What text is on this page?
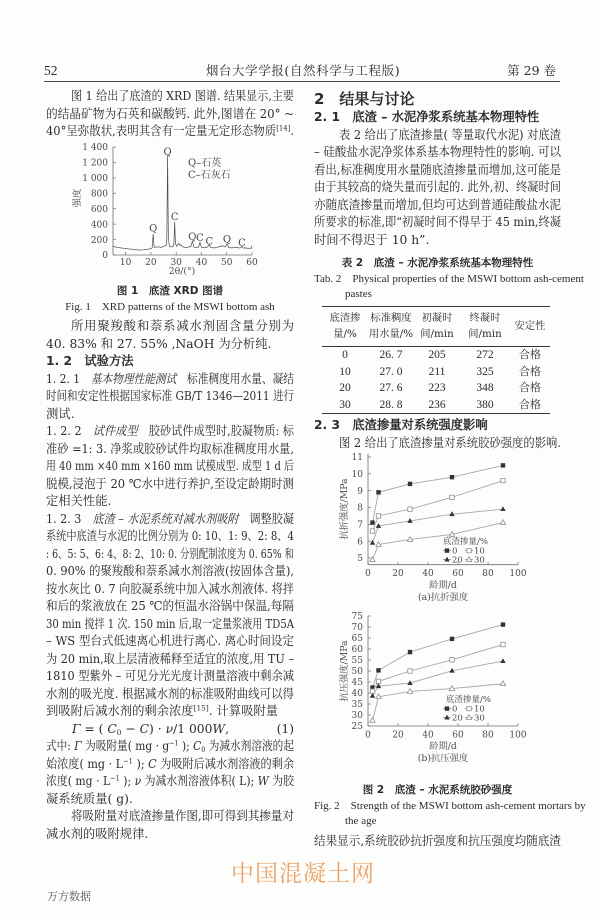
52	烟台大学学报(自然科学与工程版)	第 29 卷
图 1 给出了底渣的 XRD 图谱. 结果显示,主要
的结晶矿物为石英和碳酸钙. 此外,图谱在 20° ~
40°呈弥散状,表明其含有一定量无定形态物质[14].
0
200
400
600
800
1 000
1 200
1 400
10 20 30 40 50 60
2θ/(°)
强度
Q
Q
C
Q C C Q C
Q–石英
C–石灰石
图 1　底渣 XRD 图谱
Fig. 1　XRD patterns of the MSWI bottom ash
所用聚羧酸和萘系减水剂固含量分别为
40. 83% 和 27. 55% ,NaOH 为分析纯.
1. 2　试验方法
1. 2. 1　基本物理性能测试　标准稠度用水量、凝结
时间和安定性根据国家标准 GB/T 1346—2011 进行
测试.
1. 2. 2　试件成型　胶砂试件成型时,胶凝物质: 标
准砂 =1: 3. 净浆或胶砂试件均取标准稠度用水量,
用 40 mm ×40 mm ×160 mm 试模成型. 成型 1 d 后
脱模,浸泡于 20 ℃水中进行养护,至设定龄期时测
定相关性能.
1. 2. 3　底渣 – 水泥系统对减水剂吸附　调整胶凝
系统中底渣与水泥的比例分别为 0: 10、1: 9、2: 8、4
: 6、5: 5、6: 4、8: 2、10: 0. 分别配制浓度为 0. 65% 和
0. 90% 的聚羧酸和萘系减水剂溶液(按固体含量),
按水灰比 0. 7 向胶凝系统中加入减水剂液体. 将拌
和后的浆液放在 25 ℃的恒温水浴锅中保温,每隔
30 min 搅拌 1 次. 150 min 后,取一定量浆液用 TD5A
– WS 型台式低速离心机进行离心. 离心时间设定
为 20 min,取上层清液稀释至适宜的浓度,用 TU –
1810 型紫外 – 可见分光光度计测量溶液中剩余减
水剂的吸光度. 根据减水剂的标准吸附曲线可以得
到吸附后减水剂的剩余浓度[15]. 计算吸附量
Γ = ( C0 − C) · ν/1 000W,	(1)
式中: Γ 为吸附量( mg · $g^{-1}$ ); C0 为减水剂溶液的起
始浓度( mg · $L^{-1}$ ); C 为吸附后减水剂溶液的剩余
浓度( mg · $L^{-1}$ ); ν 为减水剂溶液体积( L); W 为胶
凝系统质量( g).
将吸附量对底渣掺量作图,即可得到其掺量对
减水剂的吸附规律.
2　结果与讨论
2. 1　底渣 – 水泥净浆系统基本物理特性
表 2 给出了底渣掺量( 等量取代水泥) 对底渣
– 硅酸盐水泥净浆体系基本物理特性的影响. 可以
看出,标准稠度用水量随底渣掺量而增加,这可能是
由于其较高的烧失量而引起的. 此外,初、终凝时间
亦随底渣掺量而增加,但均可达到普通硅酸盐水泥
所要求的标准,即“初凝时间不得早于 45 min,终凝
时间不得迟于 10 h”.
表 2　底渣 – 水泥净浆系统基本物理特性
Tab. 2　Physical properties of the MSWI bottom ash-cement
pastes
底渣掺
量/%	标准稠度
用水量/%	初凝时
间/min	终凝时
间/min	安定性

0	26. 7	205	272	合格
10	27. 0	211	325	合格
20	27. 6	223	348	合格
30	28. 8	236	380	合格
2. 3　底渣掺量对系统强度影响
图 2 给出了底渣掺量对系统胶砂强度的影响.
5
6
7
8
9
10
11
0 20 40 60 80 100
龄期/d
抗折强度/MPa
(a)抗折强度
底渣掺量/%
0 10
20 30
25
30
35
40
45
50
55
60
65
70
75
0 20 40 60 80 100
龄期/d
抗压强度/MPa
(b)抗压强度
底渣掺量/%
0 10
20 30
图 2　底渣 – 水泥系统胶砂强度
Fig. 2　Strength of the MSWI bottom ash-cement mortars by
the age
结果显示,系统胶砂抗折强度和抗压强度均随底渣
中国混凝土网
万方数据
